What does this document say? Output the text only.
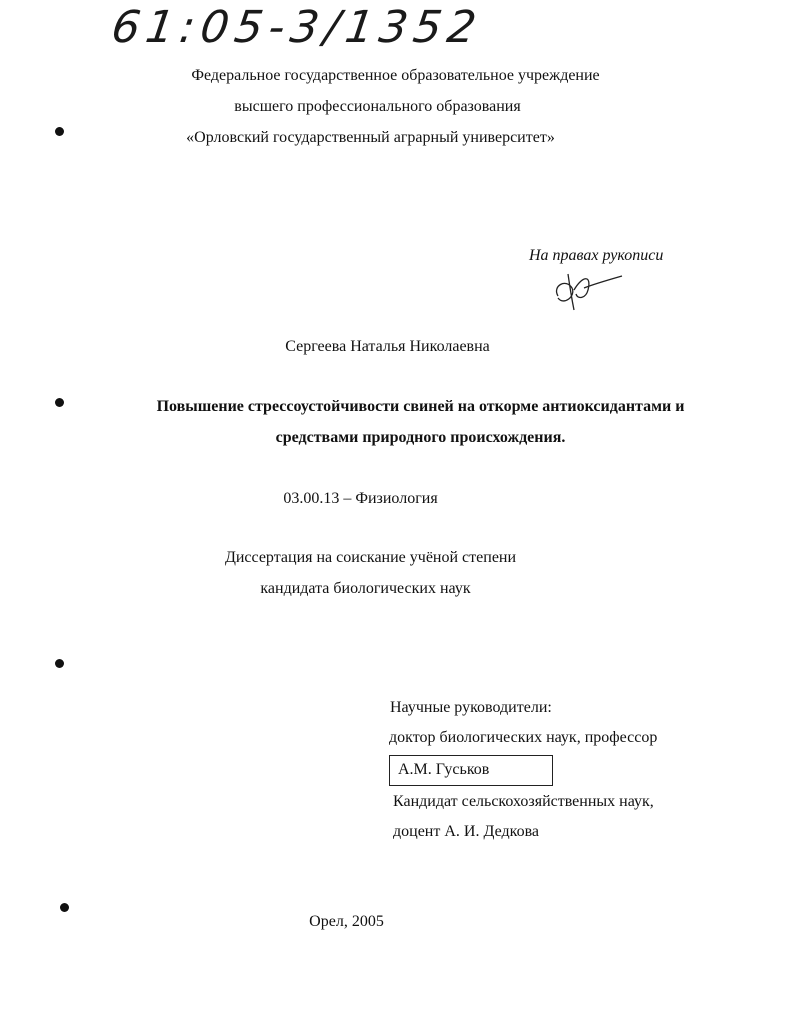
61:05-3/1352
Федеральное государственное образовательное учреждение
высшего профессионального образования
«Орловский государственный аграрный университет»
На правах рукописи
Сергеева Наталья Николаевна
Повышение стрессоустойчивости свиней на откорме антиоксидантами и
средствами природного происхождения.
03.00.13 – Физиология
Диссертация на соискание учёной степени
кандидата биологических наук
Научные руководители:
доктор биологических наук, профессор
А.М. Гуськов
Кандидат сельскохозяйственных наук,
доцент А. И. Дедкова
Орел, 2005
